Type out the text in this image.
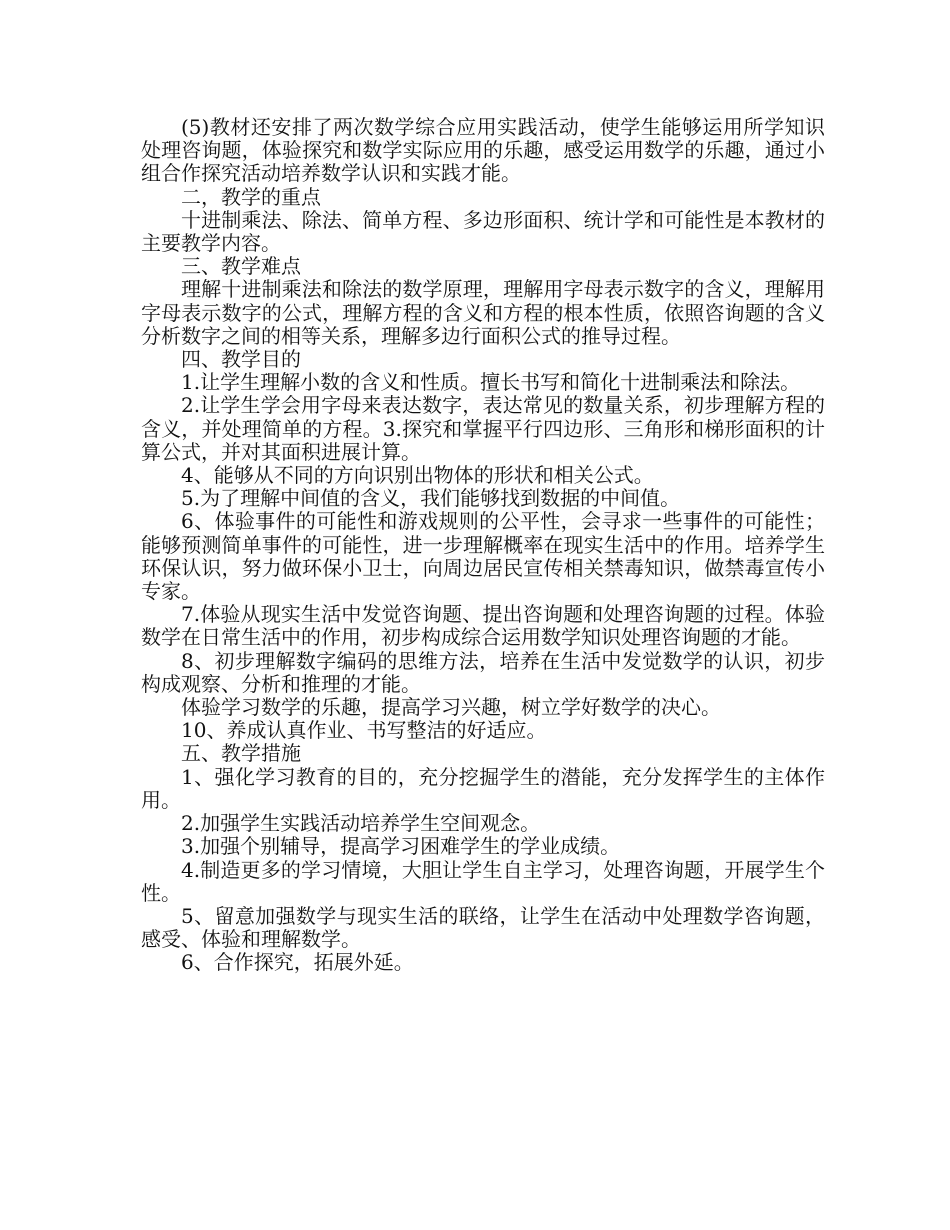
(5)教材还安排了两次数学综合应用实践活动，使学生能够运用所学知识处理咨询题，体验探究和数学实际应用的乐趣，感受运用数学的乐趣，通过小组合作探究活动培养数学认识和实践才能。

二，教学的重点

十进制乘法、除法、简单方程、多边形面积、统计学和可能性是本教材的主要教学内容。

三、教学难点

理解十进制乘法和除法的数学原理，理解用字母表示数字的含义，理解用字母表示数字的公式，理解方程的含义和方程的根本性质，依照咨询题的含义分析数字之间的相等关系，理解多边行面积公式的推导过程。

四、教学目的

1.让学生理解小数的含义和性质。擅长书写和简化十进制乘法和除法。

2.让学生学会用字母来表达数字，表达常见的数量关系，初步理解方程的含义，并处理简单的方程。3.探究和掌握平行四边形、三角形和梯形面积的计算公式，并对其面积进展计算。

4、能够从不同的方向识别出物体的形状和相关公式。

5.为了理解中间值的含义，我们能够找到数据的中间值。

6、体验事件的可能性和游戏规则的公平性，会寻求一些事件的可能性；能够预测简单事件的可能性，进一步理解概率在现实生活中的作用。培养学生环保认识，努力做环保小卫士，向周边居民宣传相关禁毒知识，做禁毒宣传小专家。

7.体验从现实生活中发觉咨询题、提出咨询题和处理咨询题的过程。体验数学在日常生活中的作用，初步构成综合运用数学知识处理咨询题的才能。

8、初步理解数字编码的思维方法，培养在生活中发觉数学的认识，初步构成观察、分析和推理的才能。

体验学习数学的乐趣，提高学习兴趣，树立学好数学的决心。

10、养成认真作业、书写整洁的好适应。

五、教学措施

1、强化学习教育的目的，充分挖掘学生的潜能，充分发挥学生的主体作用。

2.加强学生实践活动培养学生空间观念。

3.加强个别辅导，提高学习困难学生的学业成绩。

4.制造更多的学习情境，大胆让学生自主学习，处理咨询题，开展学生个性。

5、留意加强数学与现实生活的联络，让学生在活动中处理数学咨询题，感受、体验和理解数学。

6、合作探究，拓展外延。
